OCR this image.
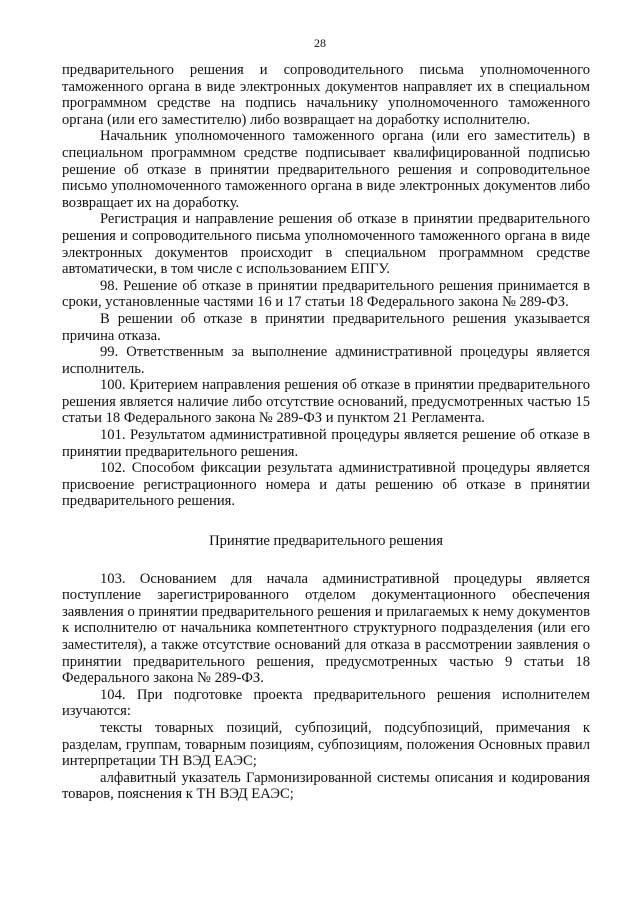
28

предварительного решения и сопроводительного письма уполномоченного таможенного органа в виде электронных документов направляет их в специальном программном средстве на подпись начальнику уполномоченного таможенного органа (или его заместителю) либо возвращает на доработку исполнителю.

Начальник уполномоченного таможенного органа (или его заместитель) в специальном программном средстве подписывает квалифицированной подписью решение об отказе в принятии предварительного решения и сопроводительное письмо уполномоченного таможенного органа в виде электронных документов либо возвращает их на доработку.

Регистрация и направление решения об отказе в принятии предварительного решения и сопроводительного письма уполномоченного таможенного органа в виде электронных документов происходит в специальном программном средстве автоматически, в том числе с использованием ЕПГУ.

98. Решение об отказе в принятии предварительного решения принимается в сроки, установленные частями 16 и 17 статьи 18 Федерального закона № 289-ФЗ.

В решении об отказе в принятии предварительного решения указывается причина отказа.

99. Ответственным за выполнение административной процедуры является исполнитель.

100. Критерием направления решения об отказе в принятии предварительного решения является наличие либо отсутствие оснований, предусмотренных частью 15 статьи 18 Федерального закона № 289-ФЗ и пунктом 21 Регламента.

101. Результатом административной процедуры является решение об отказе в принятии предварительного решения.

102. Способом фиксации результата административной процедуры является присвоение регистрационного номера и даты решению об отказе в принятии предварительного решения.

Принятие предварительного решения

103. Основанием для начала административной процедуры является поступление зарегистрированного отделом документационного обеспечения заявления о принятии предварительного решения и прилагаемых к нему документов к исполнителю от начальника компетентного структурного подразделения (или его заместителя), а также отсутствие оснований для отказа в рассмотрении заявления о принятии предварительного решения, предусмотренных частью 9 статьи 18 Федерального закона № 289-ФЗ.

104. При подготовке проекта предварительного решения исполнителем изучаются:

тексты товарных позиций, субпозиций, подсубпозиций, примечания к разделам, группам, товарным позициям, субпозициям, положения Основных правил интерпретации ТН ВЭД ЕАЭС;

алфавитный указатель Гармонизированной системы описания и кодирования товаров, пояснения к ТН ВЭД ЕАЭС;
